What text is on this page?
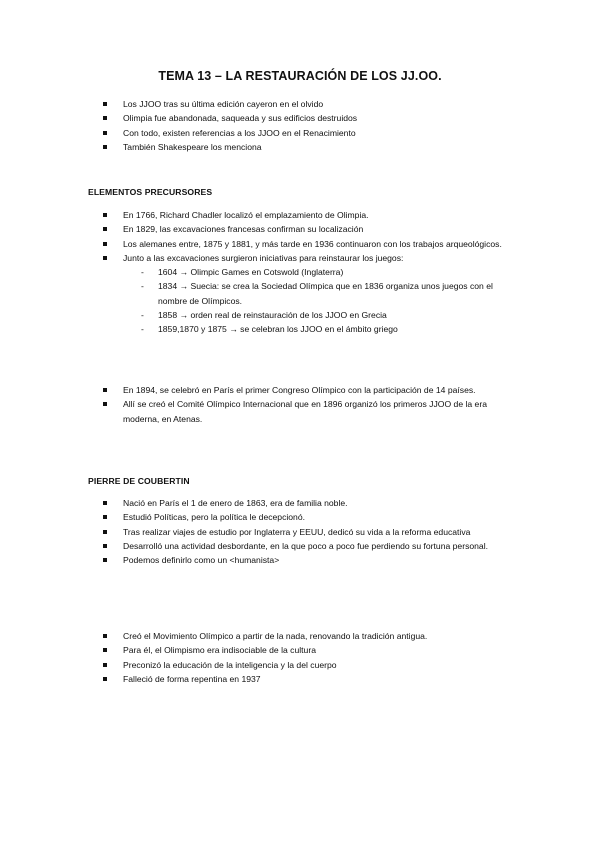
TEMA 13 – LA RESTAURACIÓN DE LOS JJ.OO.
Los JJOO tras su última edición cayeron en el olvido
Olimpia fue abandonada, saqueada y sus edificios destruidos
Con todo, existen referencias a los JJOO en el Renacimiento
También Shakespeare los menciona
ELEMENTOS PRECURSORES
En 1766, Richard Chadler localizó el emplazamiento de Olimpia.
En 1829, las excavaciones francesas confirman su localización
Los alemanes entre, 1875 y 1881, y más tarde en 1936 continuaron con los trabajos arqueológicos.
Junto a las excavaciones surgieron iniciativas para reinstaurar los juegos:
- 1604 → Olimpic Games en Cotswold (Inglaterra)
- 1834 → Suecia: se crea la Sociedad Olímpica que en 1836 organiza unos juegos con el nombre de Olímpicos.
- 1858 → orden real de reinstauración de los JJOO en Grecia
- 1859,1870 y 1875 → se celebran los JJOO en el ámbito griego
En 1894, se celebró en París el primer Congreso Olímpico con la participación de 14 países.
Allí se creó el Comité Olímpico Internacional que en 1896 organizó los primeros JJOO de la era moderna, en Atenas.
PIERRE DE COUBERTIN
Nació en París el 1 de enero de 1863, era de familia noble.
Estudió Políticas, pero la política le decepcionó.
Tras realizar viajes de estudio por Inglaterra y EEUU, dedicó su vida a la reforma educativa
Desarrolló una actividad desbordante, en la que poco a poco fue perdiendo su fortuna personal.
Podemos definirlo como un <humanista>
Creó el Movimiento Olímpico a partir de la nada, renovando la tradición antigua.
Para él, el Olimpismo era indisociable de la cultura
Preconizó la educación de la inteligencia y la del cuerpo
Falleció de forma repentina en 1937
